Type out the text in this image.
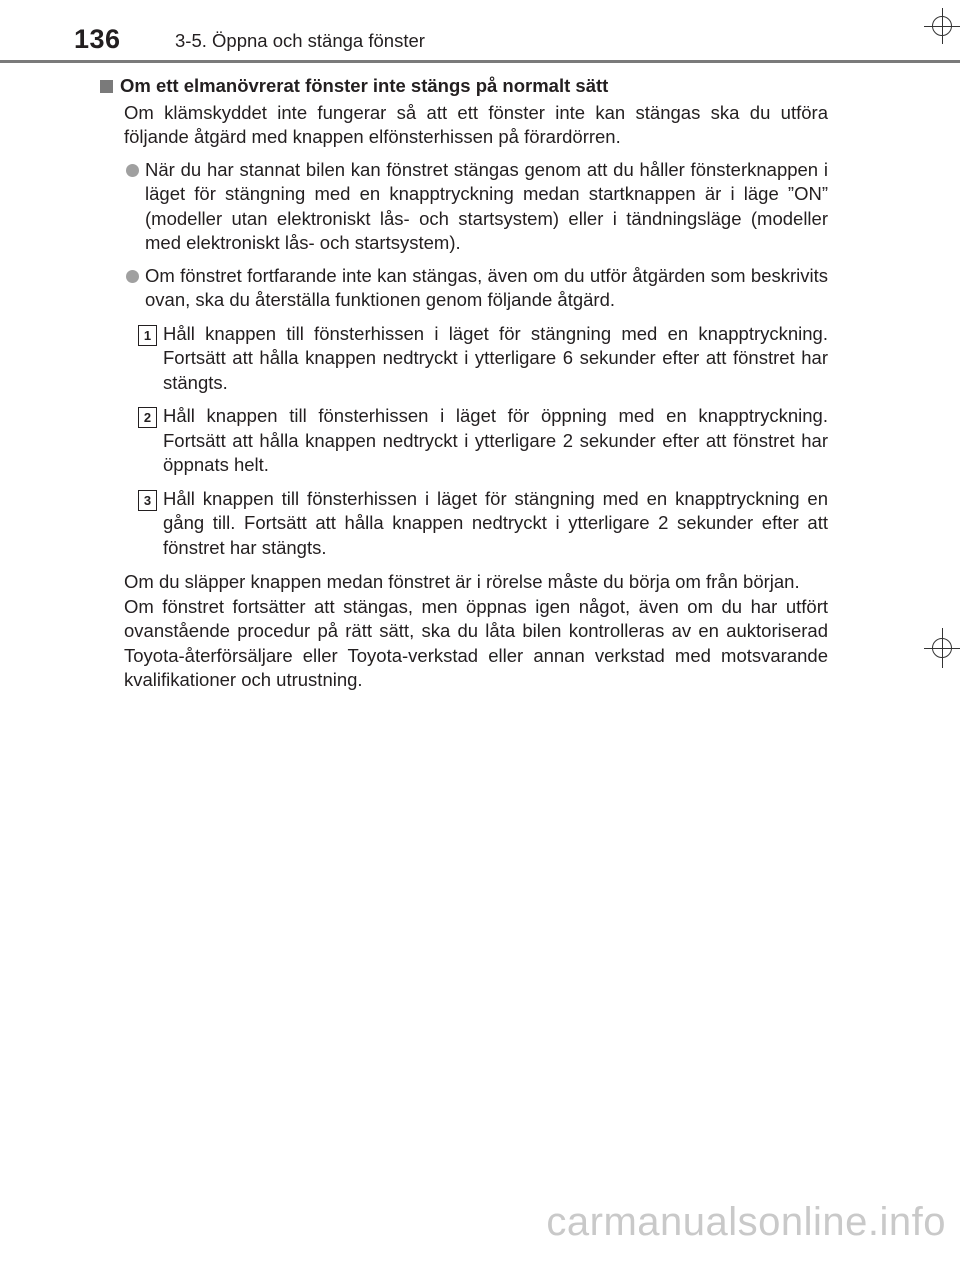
136	3-5. Öppna och stänga fönster
Om ett elmanövrerat fönster inte stängs på normalt sätt
Om klämskyddet inte fungerar så att ett fönster inte kan stängas ska du utföra följande åtgärd med knappen elfönsterhissen på förardörren.
När du har stannat bilen kan fönstret stängas genom att du håller fönsterknappen i läget för stängning med en knapptryckning medan startknappen är i läge ”ON” (modeller utan elektroniskt lås- och startsystem) eller i tändningsläge (modeller med elektroniskt lås- och startsystem).
Om fönstret fortfarande inte kan stängas, även om du utför åtgärden som beskrivits ovan, ska du återställa funktionen genom följande åtgärd.
1 Håll knappen till fönsterhissen i läget för stängning med en knapptryckning. Fortsätt att hålla knappen nedtryckt i ytterligare 6 sekunder efter att fönstret har stängts.
2 Håll knappen till fönsterhissen i läget för öppning med en knapptryckning. Fortsätt att hålla knappen nedtryckt i ytterligare 2 sekunder efter att fönstret har öppnats helt.
3 Håll knappen till fönsterhissen i läget för stängning med en knapptryckning en gång till. Fortsätt att hålla knappen nedtryckt i ytterligare 2 sekunder efter att fönstret har stängts.
Om du släpper knappen medan fönstret är i rörelse måste du börja om från början.
Om fönstret fortsätter att stängas, men öppnas igen något, även om du har utfört ovanstående procedur på rätt sätt, ska du låta bilen kontrolleras av en auktoriserad Toyota-återförsäljare eller Toyota-verkstad eller annan verkstad med motsvarande kvalifikationer och utrustning.
carmanualsonline.info
